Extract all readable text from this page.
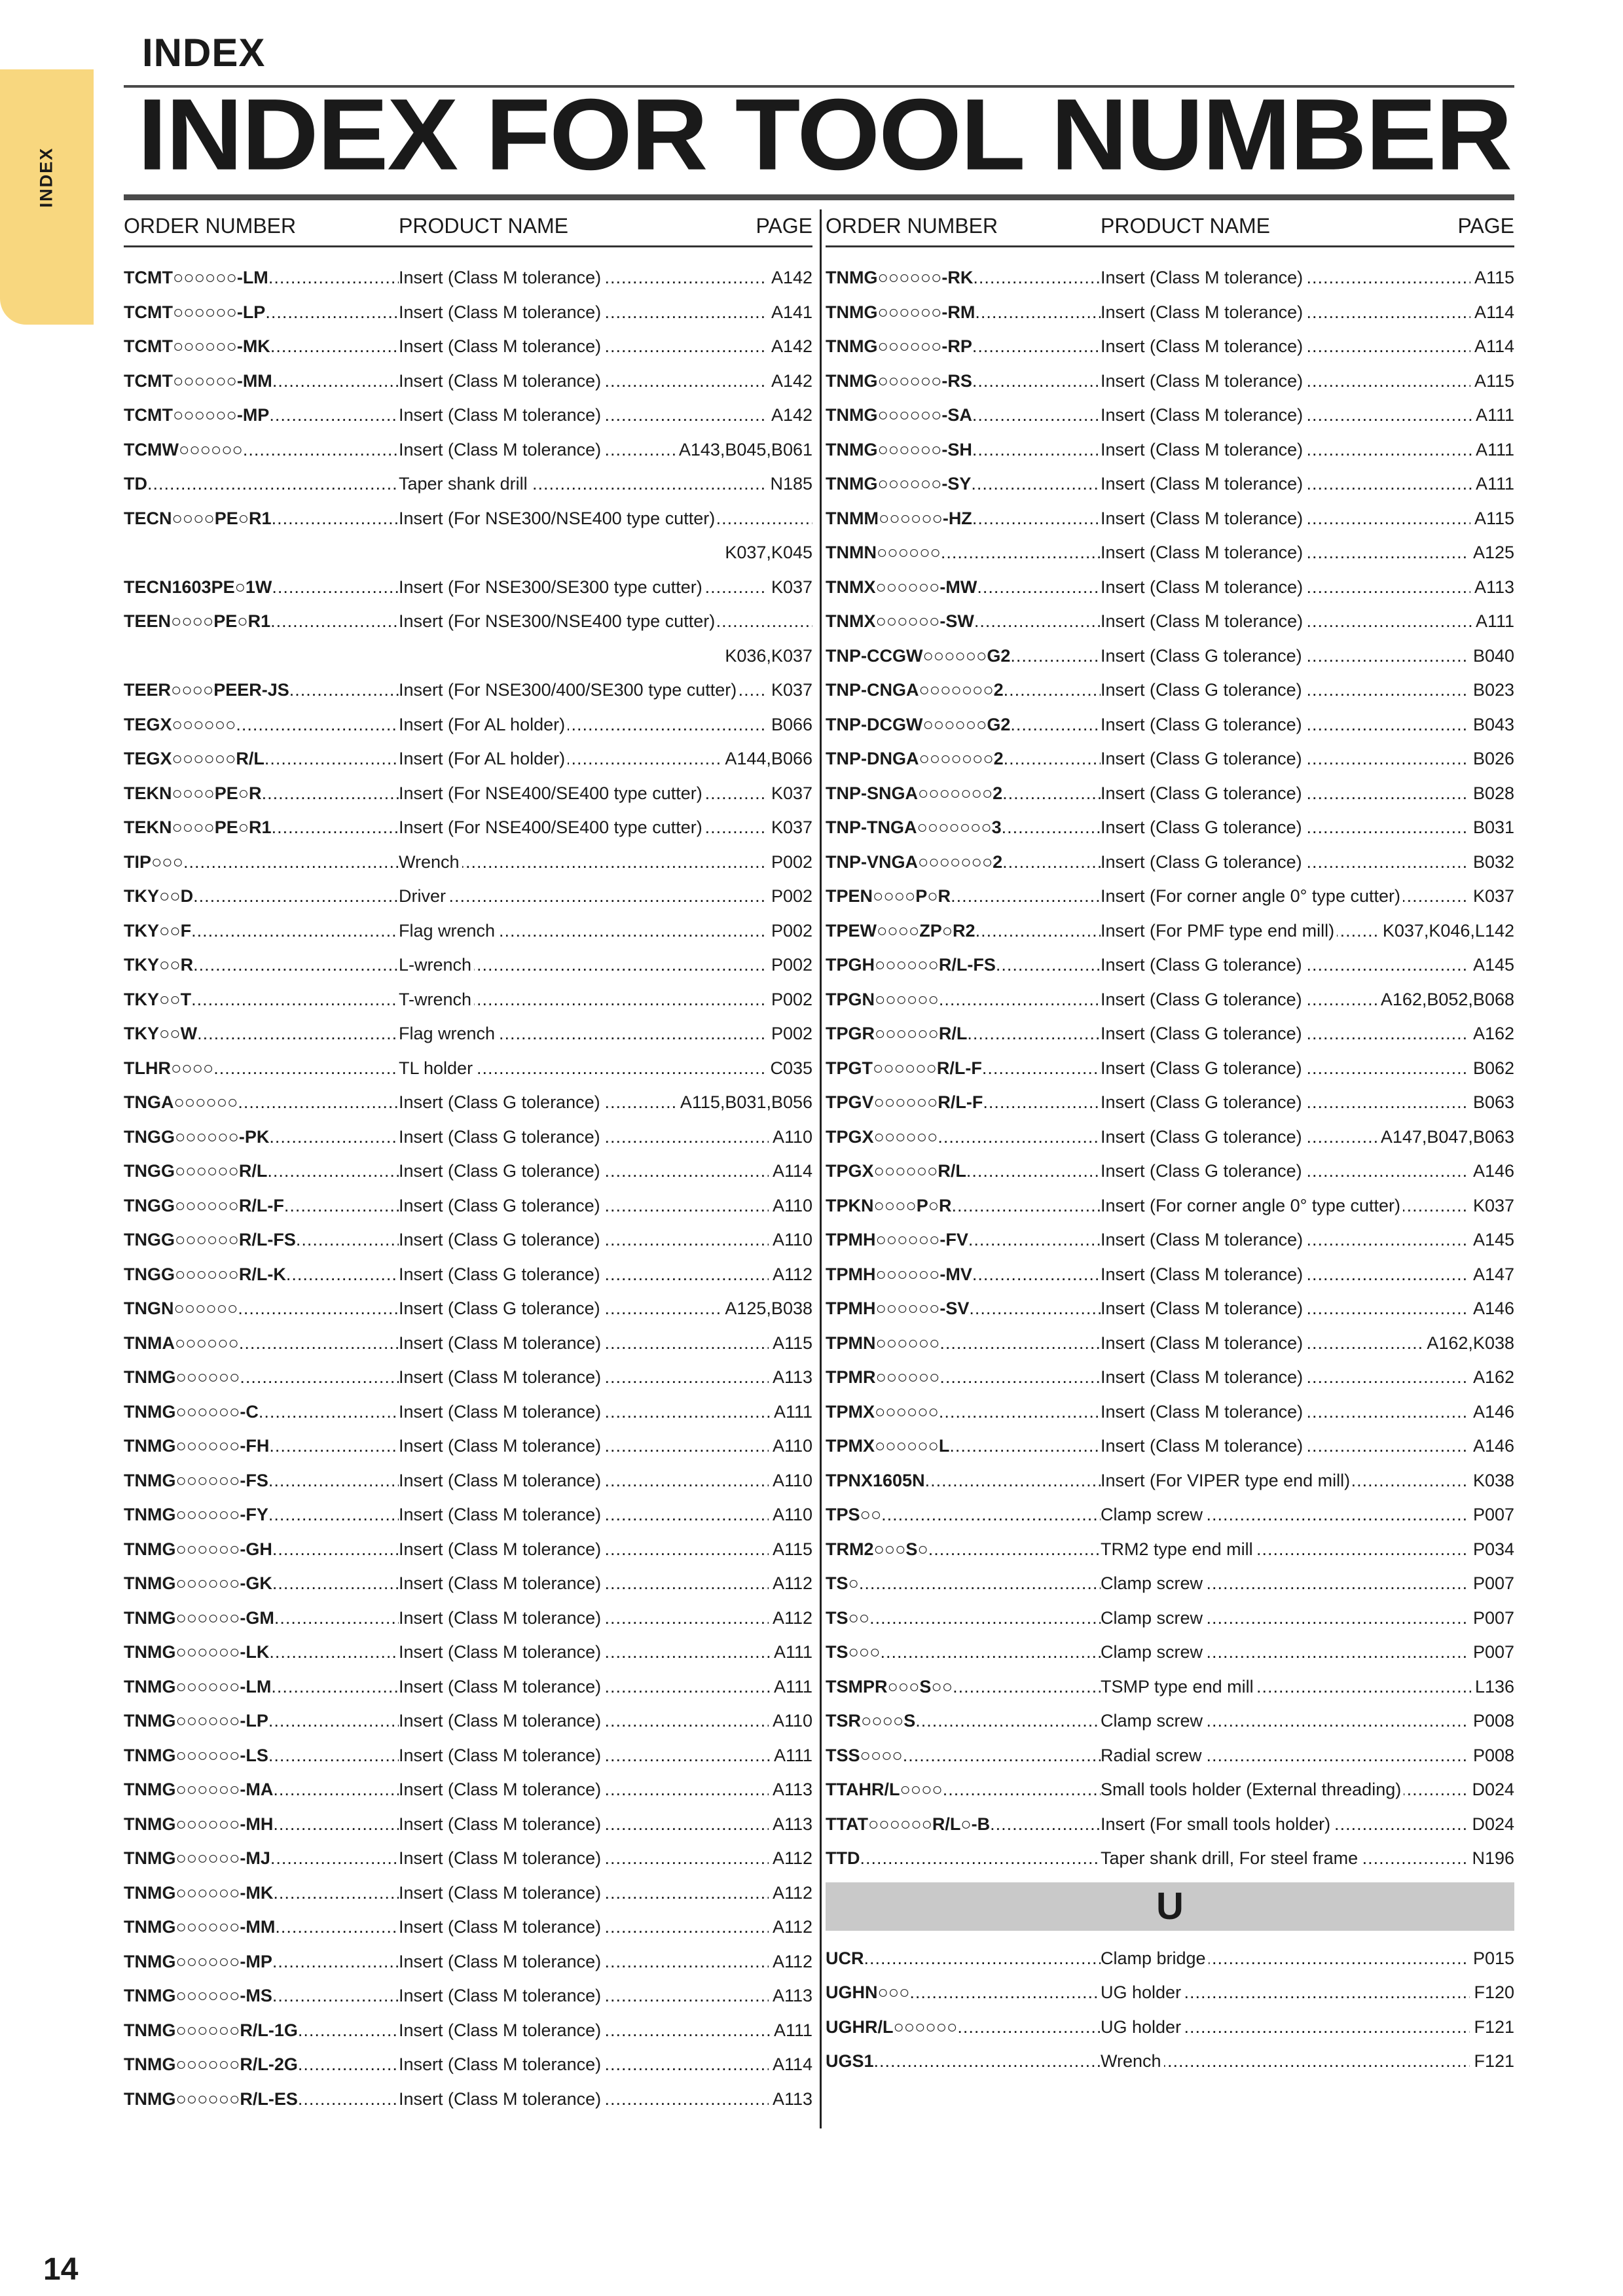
INDEX
INDEX
INDEX FOR TOOL NUMBER
ORDER NUMBER	PRODUCT NAME	PAGE
TCMT○○○○○○-LM .....	Insert (Class M tolerance) .....	A142
TCMT○○○○○○-LP .....	Insert (Class M tolerance) .....	A141
TCMT○○○○○○-MK .....	Insert (Class M tolerance) .....	A142
TCMT○○○○○○-MM .....	Insert (Class M tolerance) .....	A142
TCMT○○○○○○-MP .....	Insert (Class M tolerance) .....	A142
TCMW○○○○○○ .....	Insert (Class M tolerance) .....	A143,B045,B061
TD .....	Taper shank drill .....	N185
TECN○○○○PE○R1 .....	Insert (For NSE300/NSE400 type cutter) .....
K037,K045
TECN1603PE○1W .....	Insert (For NSE300/SE300 type cutter) .....	K037
TEEN○○○○PE○R1 .....	Insert (For NSE300/NSE400 type cutter) .....
K036,K037
TEER○○○○PEER-JS .....	Insert (For NSE300/400/SE300 type cutter) .....	K037
TEGX○○○○○○ .....	Insert (For AL holder) .....	B066
TEGX○○○○○○R/L .....	Insert (For AL holder) .....	A144,B066
TEKN○○○○PE○R .....	Insert (For NSE400/SE400 type cutter) .....	K037
TEKN○○○○PE○R1 .....	Insert (For NSE400/SE400 type cutter) .....	K037
TIP○○○ .....	Wrench .....	P002
TKY○○D .....	Driver .....	P002
TKY○○F .....	Flag wrench .....	P002
TKY○○R .....	L-wrench .....	P002
TKY○○T .....	T-wrench .....	P002
TKY○○W .....	Flag wrench .....	P002
TLHR○○○○ .....	TL holder .....	C035
TNGA○○○○○○ .....	Insert (Class G tolerance) .....	A115,B031,B056
TNGG○○○○○○-PK .....	Insert (Class G tolerance) .....	A110
TNGG○○○○○○R/L .....	Insert (Class G tolerance) .....	A114
TNGG○○○○○○R/L-F .....	Insert (Class G tolerance) .....	A110
TNGG○○○○○○R/L-FS .....	Insert (Class G tolerance) .....	A110
TNGG○○○○○○R/L-K .....	Insert (Class G tolerance) .....	A112
TNGN○○○○○○ .....	Insert (Class G tolerance) .....	A125,B038
TNMA○○○○○○ .....	Insert (Class M tolerance) .....	A115
TNMG○○○○○○ .....	Insert (Class M tolerance) .....	A113
TNMG○○○○○○-C .....	Insert (Class M tolerance) .....	A111
TNMG○○○○○○-FH .....	Insert (Class M tolerance) .....	A110
TNMG○○○○○○-FS .....	Insert (Class M tolerance) .....	A110
TNMG○○○○○○-FY .....	Insert (Class M tolerance) .....	A110
TNMG○○○○○○-GH .....	Insert (Class M tolerance) .....	A115
TNMG○○○○○○-GK .....	Insert (Class M tolerance) .....	A112
TNMG○○○○○○-GM .....	Insert (Class M tolerance) .....	A112
TNMG○○○○○○-LK .....	Insert (Class M tolerance) .....	A111
TNMG○○○○○○-LM .....	Insert (Class M tolerance) .....	A111
TNMG○○○○○○-LP .....	Insert (Class M tolerance) .....	A110
TNMG○○○○○○-LS .....	Insert (Class M tolerance) .....	A111
TNMG○○○○○○-MA .....	Insert (Class M tolerance) .....	A113
TNMG○○○○○○-MH .....	Insert (Class M tolerance) .....	A113
TNMG○○○○○○-MJ .....	Insert (Class M tolerance) .....	A112
TNMG○○○○○○-MK .....	Insert (Class M tolerance) .....	A112
TNMG○○○○○○-MM .....	Insert (Class M tolerance) .....	A112
TNMG○○○○○○-MP .....	Insert (Class M tolerance) .....	A112
TNMG○○○○○○-MS .....	Insert (Class M tolerance) .....	A113
TNMG○○○○○○R/L-1G .....	Insert (Class M tolerance) .....	A111
TNMG○○○○○○R/L-2G .....	Insert (Class M tolerance) .....	A114
TNMG○○○○○○R/L-ES .....	Insert (Class M tolerance) .....	A113
ORDER NUMBER	PRODUCT NAME	PAGE
TNMG○○○○○○-RK .....	Insert (Class M tolerance) .....	A115
TNMG○○○○○○-RM .....	Insert (Class M tolerance) .....	A114
TNMG○○○○○○-RP .....	Insert (Class M tolerance) .....	A114
TNMG○○○○○○-RS .....	Insert (Class M tolerance) .....	A115
TNMG○○○○○○-SA .....	Insert (Class M tolerance) .....	A111
TNMG○○○○○○-SH .....	Insert (Class M tolerance) .....	A111
TNMG○○○○○○-SY .....	Insert (Class M tolerance) .....	A111
TNMM○○○○○○-HZ .....	Insert (Class M tolerance) .....	A115
TNMN○○○○○○ .....	Insert (Class M tolerance) .....	A125
TNMX○○○○○○-MW .....	Insert (Class M tolerance) .....	A113
TNMX○○○○○○-SW .....	Insert (Class M tolerance) .....	A111
TNP-CCGW○○○○○○G2 .....	Insert (Class G tolerance) .....	B040
TNP-CNGA○○○○○○○2 .....	Insert (Class G tolerance) .....	B023
TNP-DCGW○○○○○○G2 .....	Insert (Class G tolerance) .....	B043
TNP-DNGA○○○○○○○2 .....	Insert (Class G tolerance) .....	B026
TNP-SNGA○○○○○○○2 .....	Insert (Class G tolerance) .....	B028
TNP-TNGA○○○○○○○3 .....	Insert (Class G tolerance) .....	B031
TNP-VNGA○○○○○○○2 .....	Insert (Class G tolerance) .....	B032
TPEN○○○○P○R .....	Insert (For corner angle 0° type cutter) .....	K037
TPEW○○○○ZP○R2 .....	Insert (For PMF type end mill) .....	K037,K046,L142
TPGH○○○○○○R/L-FS .....	Insert (Class G tolerance) .....	A145
TPGN○○○○○○ .....	Insert (Class G tolerance) .....	A162,B052,B068
TPGR○○○○○○R/L .....	Insert (Class G tolerance) .....	A162
TPGT○○○○○○R/L-F .....	Insert (Class G tolerance) .....	B062
TPGV○○○○○○R/L-F .....	Insert (Class G tolerance) .....	B063
TPGX○○○○○○ .....	Insert (Class G tolerance) .....	A147,B047,B063
TPGX○○○○○○R/L .....	Insert (Class G tolerance) .....	A146
TPKN○○○○P○R .....	Insert (For corner angle 0° type cutter) .....	K037
TPMH○○○○○○-FV .....	Insert (Class M tolerance) .....	A145
TPMH○○○○○○-MV .....	Insert (Class M tolerance) .....	A147
TPMH○○○○○○-SV .....	Insert (Class M tolerance) .....	A146
TPMN○○○○○○ .....	Insert (Class M tolerance) .....	A162,K038
TPMR○○○○○○ .....	Insert (Class M tolerance) .....	A162
TPMX○○○○○○ .....	Insert (Class M tolerance) .....	A146
TPMX○○○○○○L .....	Insert (Class M tolerance) .....	A146
TPNX1605N .....	Insert (For VIPER type end mill) .....	K038
TPS○○ .....	Clamp screw .....	P007
TRM2○○○S○ .....	TRM2 type end mill .....	P034
TS○ .....	Clamp screw .....	P007
TS○○ .....	Clamp screw .....	P007
TS○○○ .....	Clamp screw .....	P007
TSMPR○○○S○○ .....	TSMP type end mill .....	L136
TSR○○○○S .....	Clamp screw .....	P008
TSS○○○○ .....	Radial screw .....	P008
TTAHR/L○○○○ .....	Small tools holder (External threading) .....	D024
TTAT○○○○○○R/L○-B .....	Insert (For small tools holder) .....	D024
TTD .....	Taper shank drill, For steel frame .....	N196
U
UCR .....	Clamp bridge .....	P015
UGHN○○○ .....	UG holder .....	F120
UGHR/L○○○○○○ .....	UG holder .....	F121
UGS1 .....	Wrench .....	F121
14
